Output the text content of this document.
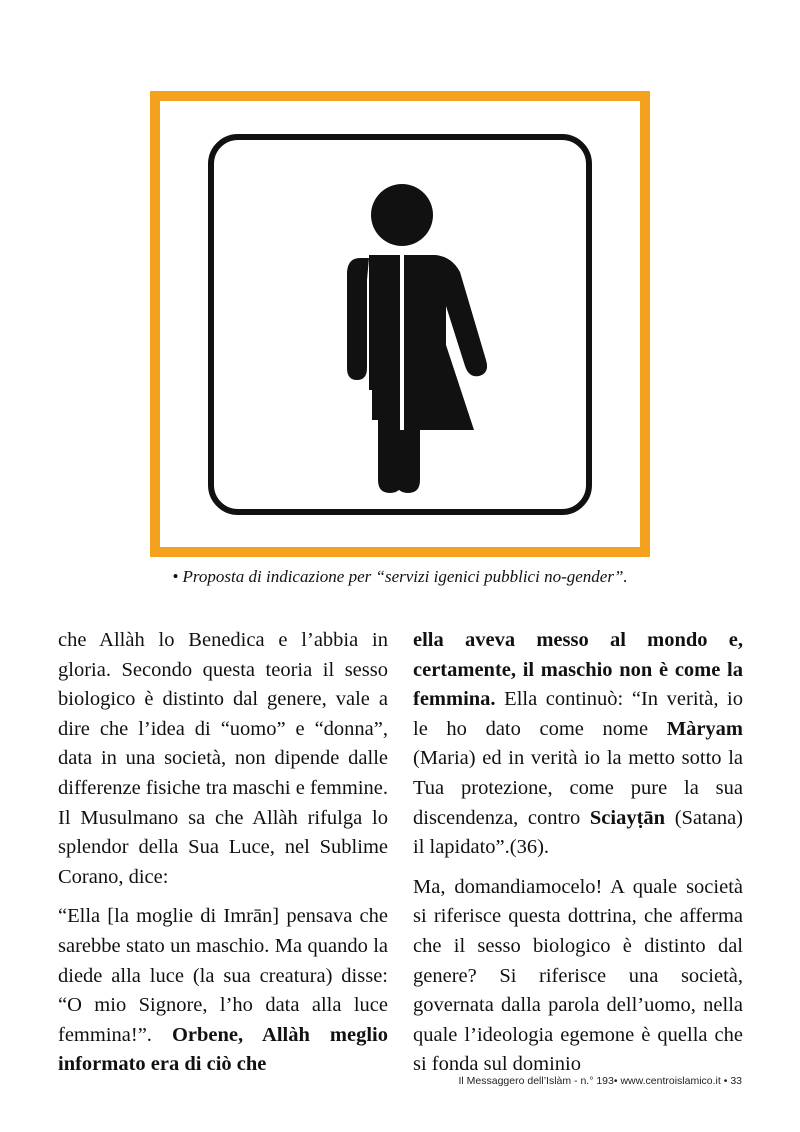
• Proposta di indicazione per “servizi igenici pubblici no-gender”.

che Allàh lo Benedica e l’abbia in gloria. Secondo questa teoria il sesso biologico è distinto dal genere, vale a dire che l’idea di “uomo” e “donna”, data in una società, non dipende dalle differenze fisiche tra maschi e femmine. Il Musulmano sa che Allàh rifulga lo splendor della Sua Luce, nel Sublime Corano, dice:

“Ella [la moglie di Imrān] pensava che sarebbe stato un maschio. Ma quando la diede alla luce (la sua creatura) disse: “O mio Signore, l’ho data alla luce femmina!”. Orbene, Allàh meglio informato era di ciò che

ella aveva messo al mondo e, certamente, il maschio non è come la femmina. Ella continuò: “In verità, io le ho dato come nome Màryam (Maria) ed in verità io la metto sotto la Tua protezione, come pure la sua discendenza, contro Sciayṭān (Satana) il lapidato”.(36).

Ma, domandiamocelo! A quale società si riferisce questa dottrina, che afferma che il sesso biologico è distinto dal genere? Si riferisce una società, governata dalla parola dell’uomo, nella quale l’ideologia egemone è quella che si fonda sul dominio

Il Messaggero dell’Islàm - n.° 193• www.centroislamico.it • 33
